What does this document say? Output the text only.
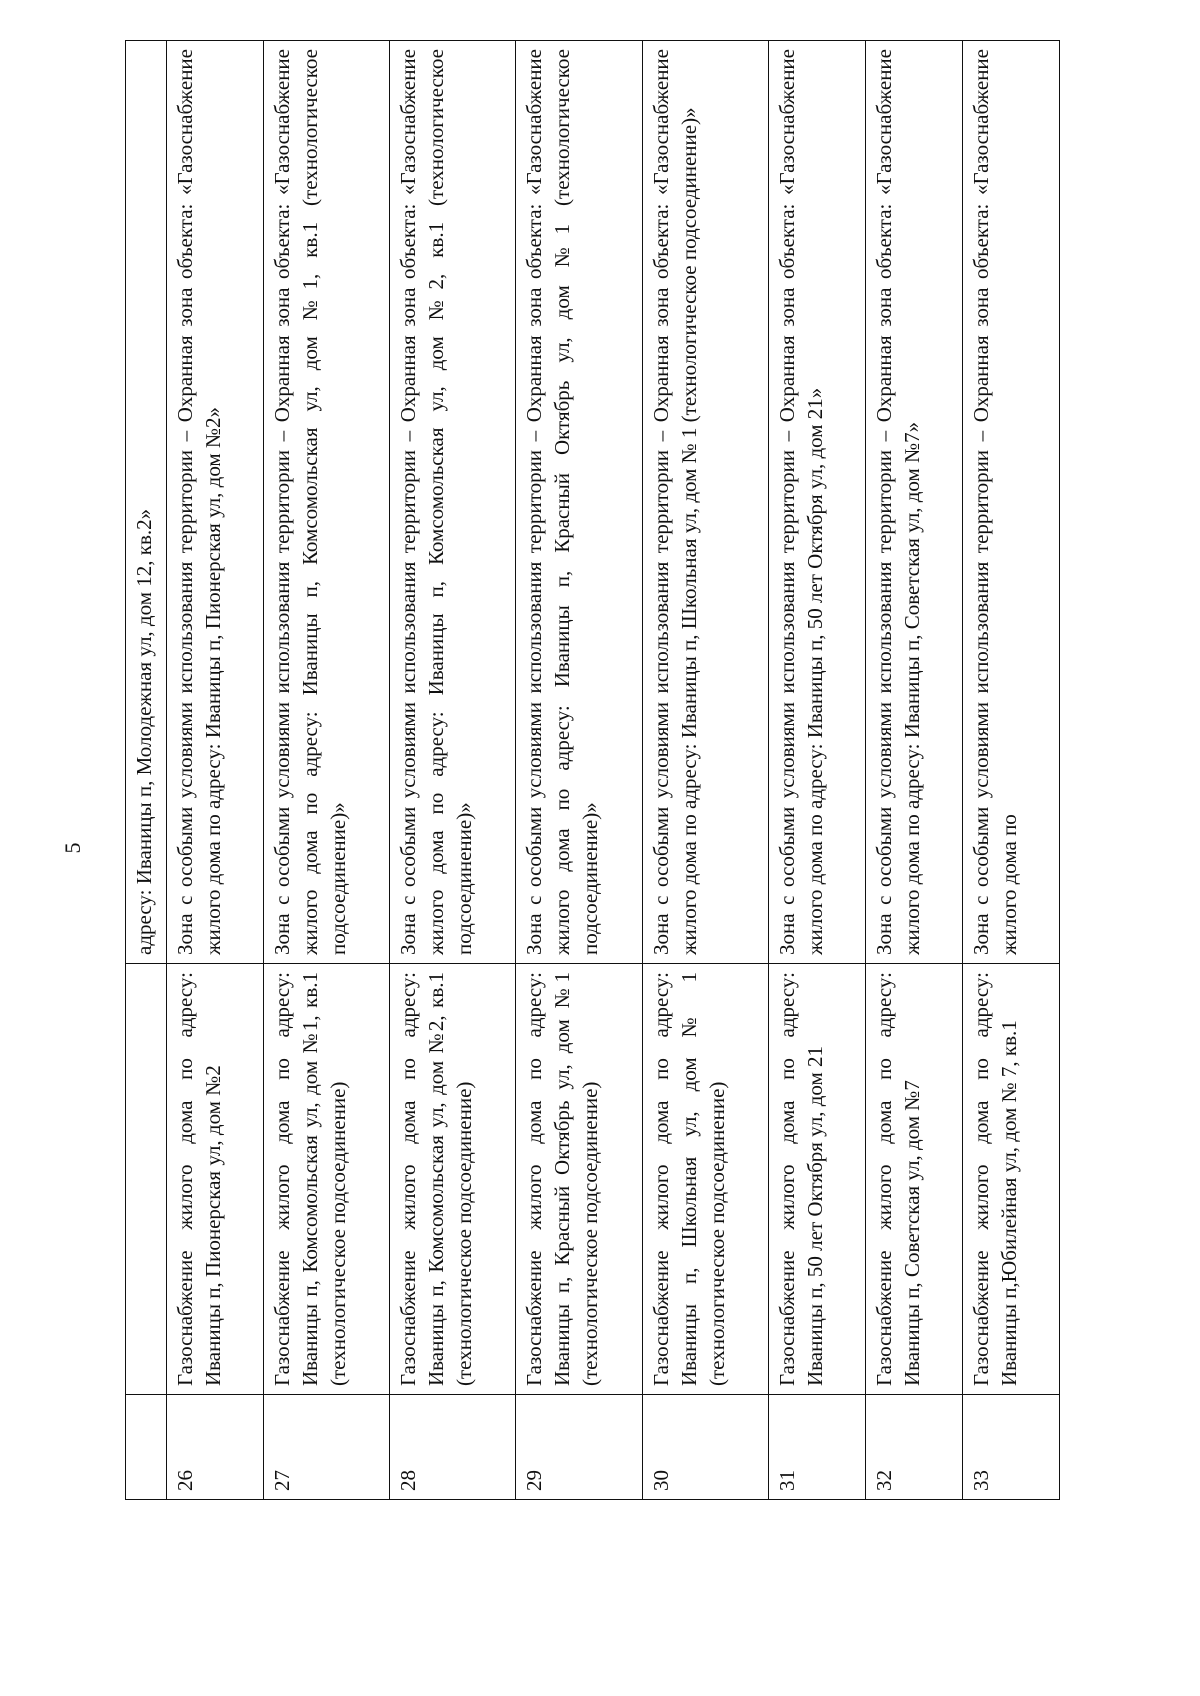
5
		адресу: Иваницы п, Молодежная ул, дом 12, кв.2»
26	Газоснабжение жилого дома по адресу: Иваницы п, Пионерская ул, дом №2	Зона с особыми условиями использования территории – Охранная зона объекта: «Газоснабжение жилого дома по адресу: Иваницы п, Пионерская ул, дом №2»
27	Газоснабжение жилого дома по адресу: Иваницы п, Комсомольская ул, дом №1, кв.1 (технологическое подсоединение)	Зона с особыми условиями использования территории – Охранная зона объекта: «Газоснабжение жилого дома по адресу: Иваницы п, Комсомольская ул, дом №1, кв.1 (технологическое подсоединение)»
28	Газоснабжение жилого дома по адресу: Иваницы п, Комсомольская ул, дом №2, кв.1 (технологическое подсоединение)	Зона с особыми условиями использования территории – Охранная зона объекта: «Газоснабжение жилого дома по адресу: Иваницы п, Комсомольская ул, дом №2, кв.1 (технологическое подсоединение)»
29	Газоснабжение жилого дома по адресу: Иваницы п, Красный Октябрь ул, дом №1 (технологическое подсоединение)	Зона с особыми условиями использования территории – Охранная зона объекта: «Газоснабжение жилого дома по адресу: Иваницы п, Красный Октябрь ул, дом №1 (технологическое подсоединение)»
30	Газоснабжение жилого дома по адресу: Иваницы п, Школьная ул, дом № 1 (технологическое подсоединение)	Зона с особыми условиями использования территории – Охранная зона объекта: «Газоснабжение жилого дома по адресу: Иваницы п, Школьная ул, дом № 1 (технологическое подсоединение)»
31	Газоснабжение жилого дома по адресу: Иваницы п, 50 лет Октября ул, дом 21	Зона с особыми условиями использования территории – Охранная зона объекта: «Газоснабжение жилого дома по адресу: Иваницы п, 50 лет Октября ул, дом 21»
32	Газоснабжение жилого дома по адресу: Иваницы п, Советская ул, дом №7	Зона с особыми условиями использования территории – Охранная зона объекта: «Газоснабжение жилого дома по адресу: Иваницы п, Советская ул, дом №7»
33	Газоснабжение жилого дома по адресу: Иваницы п,Юбилейная ул, дом № 7, кв.1	Зона с особыми условиями использования территории – Охранная зона объекта: «Газоснабжение жилого дома по
